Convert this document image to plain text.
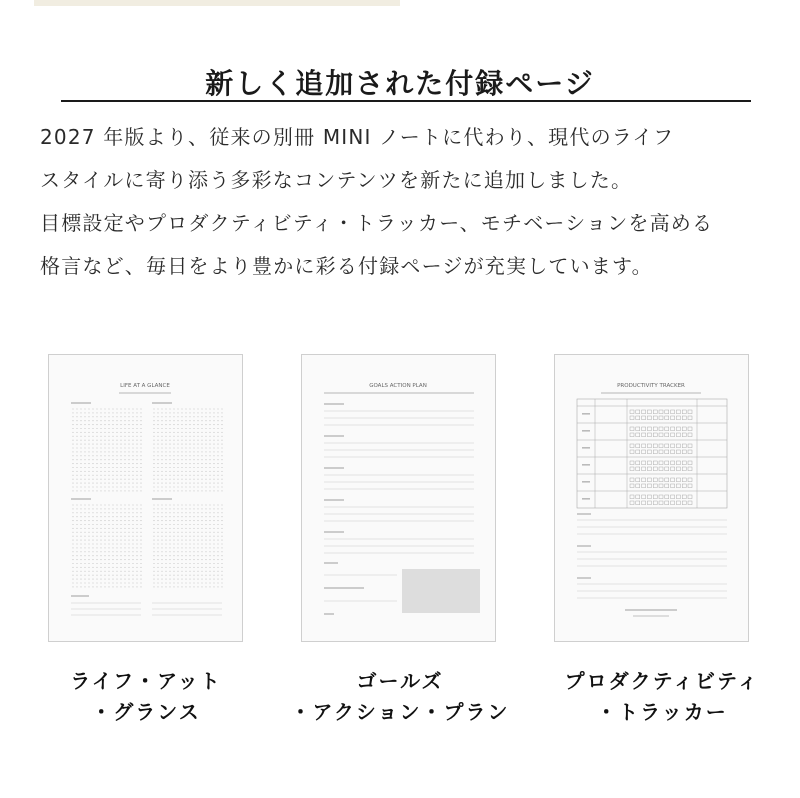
新しく追加された付録ページ

2027 年版より、従来の別冊 MINI ノートに代わり、現代のライフ

スタイルに寄り添う多彩なコンテンツを新たに追加しました。

目標設定やプロダクティビティ・トラッカー、モチベーションを高める

格言など、毎日をより豊かに彩る付録ページが充実しています。

LIFE AT A GLANCE	GOALS ACTION PLAN	PRODUCTIVITY TRACKER
ライフ・アット
・グランス
ゴールズ
・アクション・プラン
プロダクティビティ
・トラッカー
